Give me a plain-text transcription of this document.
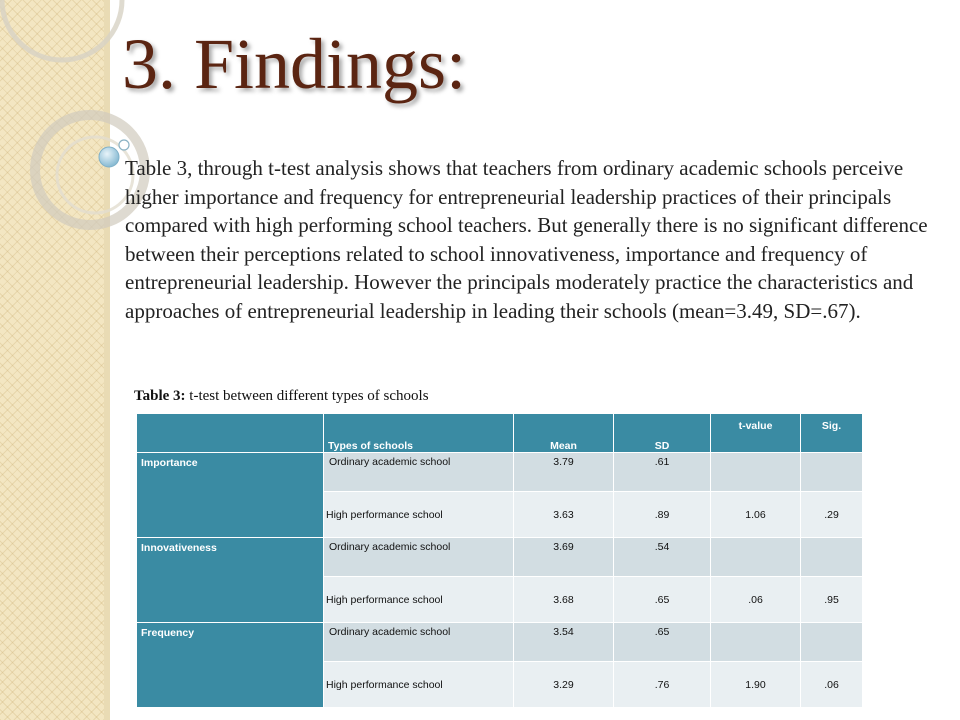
3. Findings:

Table 3, through t-test analysis shows that teachers from ordinary academic schools perceive higher importance and frequency for entrepreneurial leadership practices of their principals compared with high performing school teachers. But generally there is no significant difference between their perceptions related to school innovativeness, importance and frequency of entrepreneurial leadership. However the principals moderately practice the characteristics and approaches of entrepreneurial leadership in leading their schools (mean=3.49, SD=.67).

Table 3: t-test between different types of schools

	Types of schools	Mean	SD	t-value	Sig.
Importance	Ordinary academic school	3.79	.61		
	High performance school	3.63	.89	1.06	.29
Innovativeness	Ordinary academic school	3.69	.54		
	High performance school	3.68	.65	.06	.95
Frequency	Ordinary academic school	3.54	.65		
	High performance school	3.29	.76	1.90	.06
